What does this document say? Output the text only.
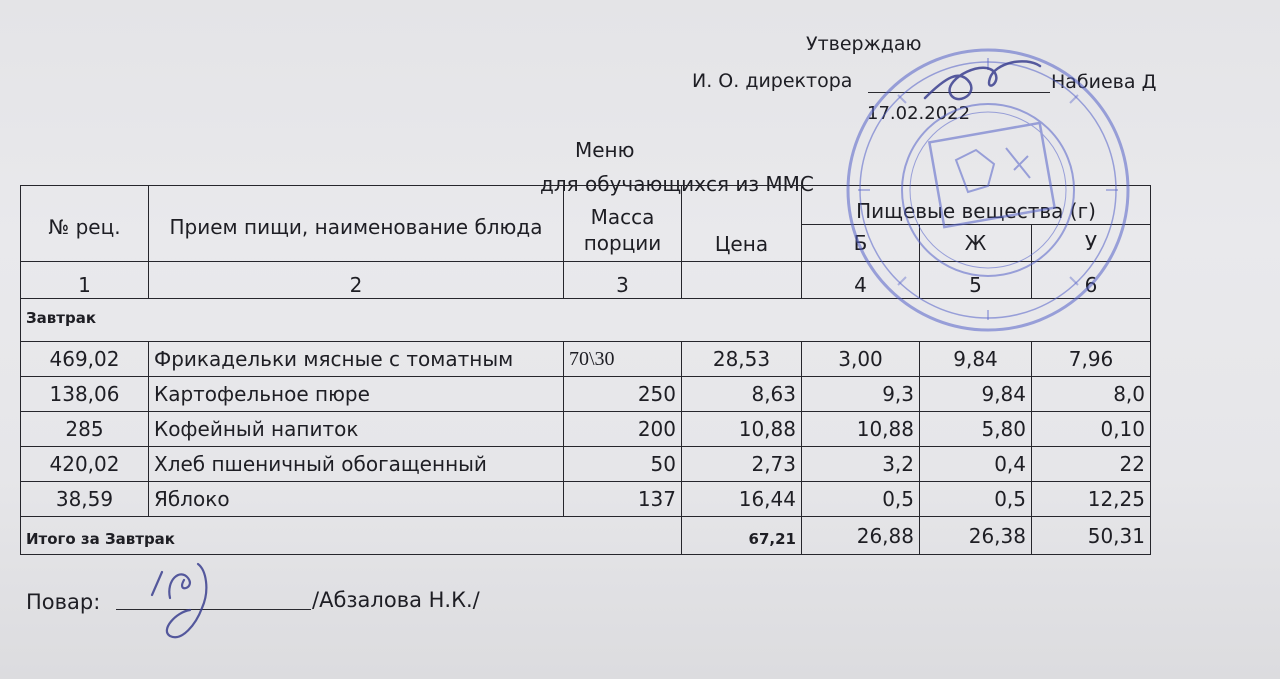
Утверждаю
И. О. директора	Набиева Д
17.02.2022
Меню
для обучающихся из ММС
№ рец.	Прием пищи, наименование блюда	Масса порции	Цена	Пищевые вещества (г)		
				Б	Ж	У
1	2	3		4	5	6
Завтрак						
469,02	Фрикадельки мясные с томатным	70\30	28,53	3,00	9,84	7,96
138,06	Картофельное пюре	250	8,63	9,3	9,84	8,0
285	Кофейный напиток	200	10,88	10,88	5,80	0,10
420,02	Хлеб пшеничный обогащенный	50	2,73	3,2	0,4	22
38,59	Яблоко	137	16,44	0,5	0,5	12,25
Итого за Завтрак			67,21	26,88	26,38	50,31
Повар:	/Абзалова Н.К./
